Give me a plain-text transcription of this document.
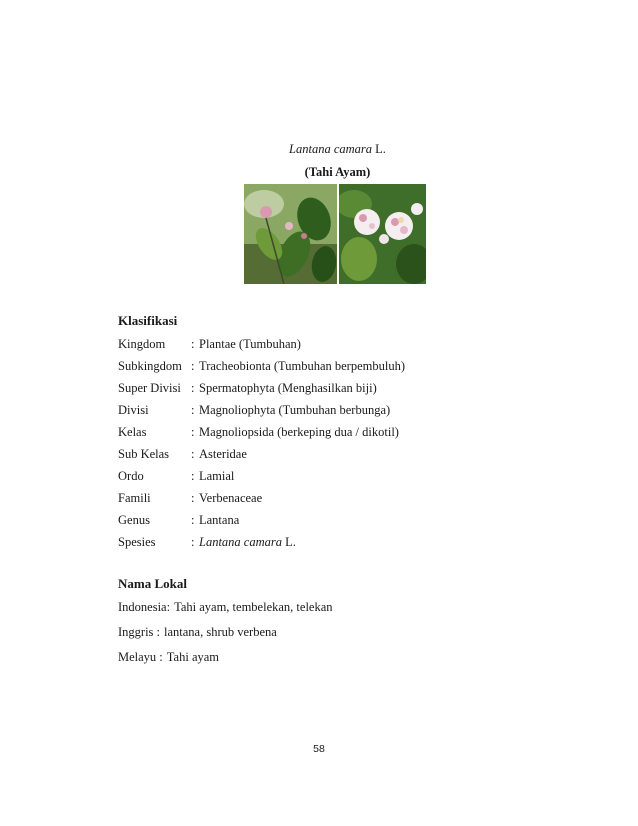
Lantana camara L.
(Tahi Ayam)
Klasifikasi
Kingdom : Plantae (Tumbuhan)
Subkingdom : Tracheobionta (Tumbuhan berpembuluh)
Super Divisi : Spermatophyta (Menghasilkan biji)
Divisi	: Magnoliophyta (Tumbuhan berbunga)
Kelas	: Magnoliopsida (berkeping dua / dikotil)
Sub Kelas : Asteridae
Ordo	: Lamial
Famili	: Verbenaceae
Genus	: Lantana
Spesies	: Lantana camara L.
Nama Lokal
Indonesia: Tahi ayam, tembelekan, telekan
Inggris : lantana, shrub verbena
Melayu : Tahi ayam
58
